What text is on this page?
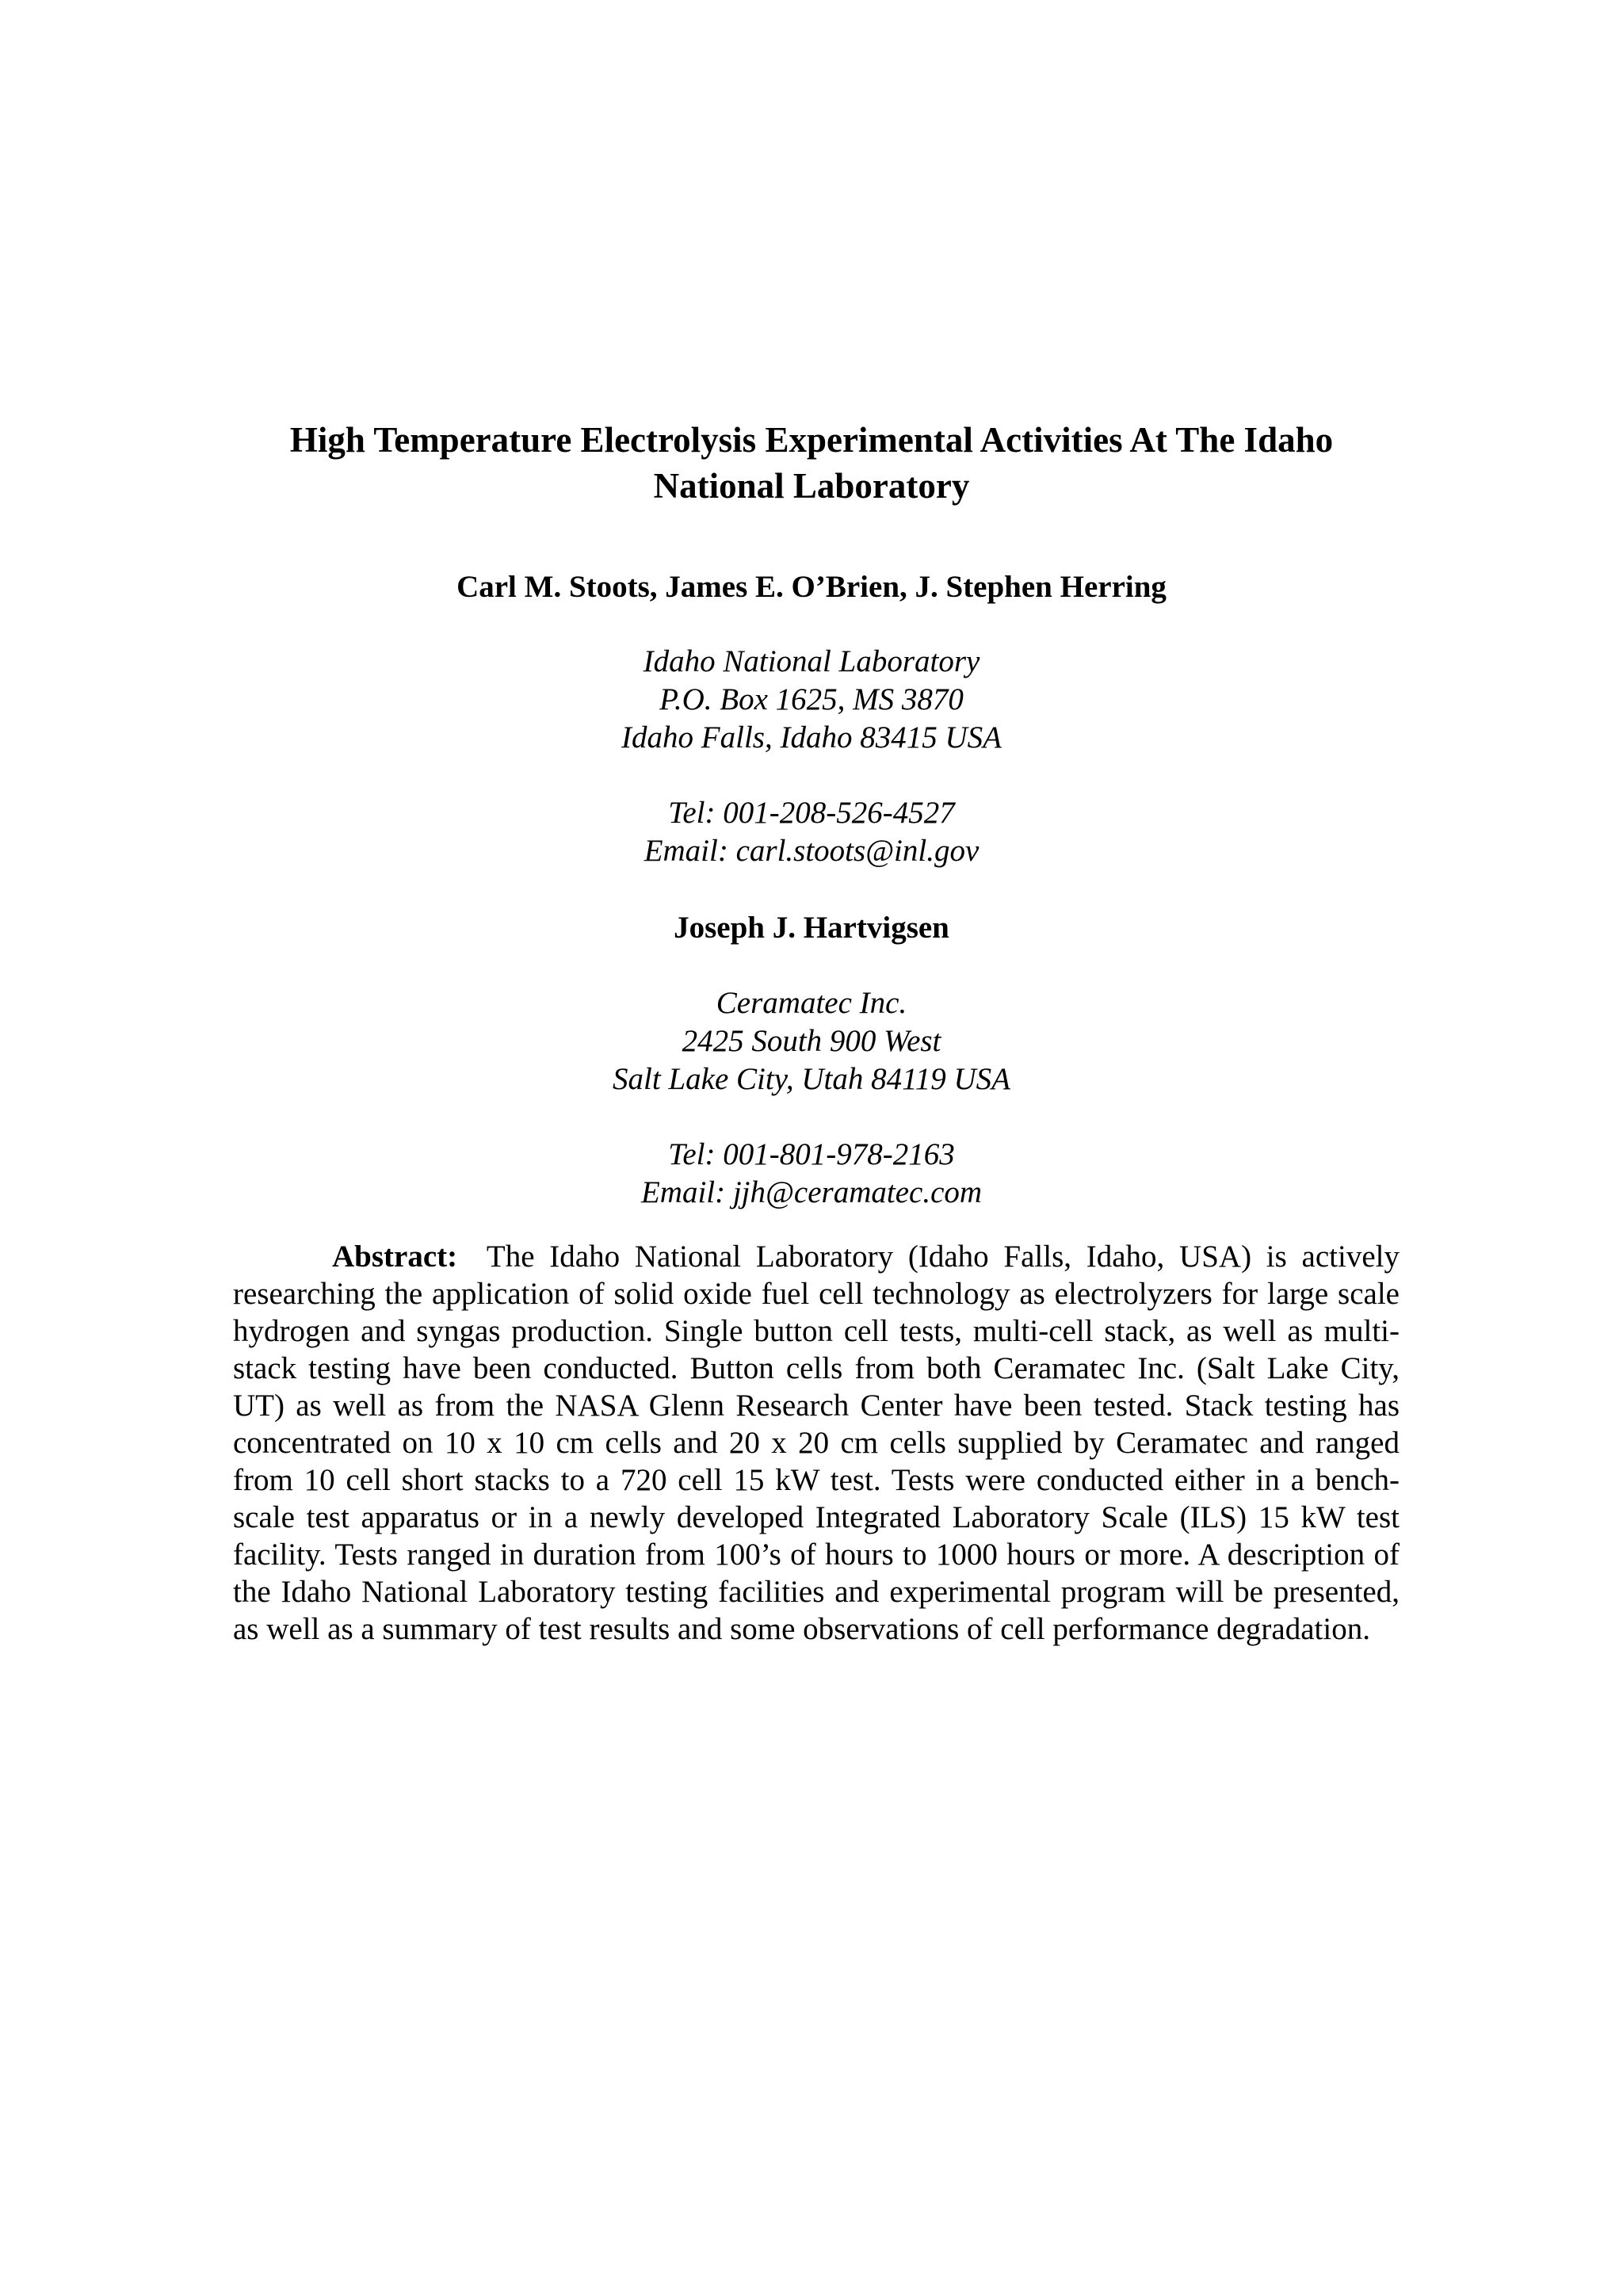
High Temperature Electrolysis Experimental Activities At The Idaho
National Laboratory

Carl M. Stoots, James E. O’Brien, J. Stephen Herring

Idaho National Laboratory
P.O. Box 1625, MS 3870
Idaho Falls, Idaho 83415 USA
Tel: 001-208-526-4527
Email: carl.stoots@inl.gov

Joseph J. Hartvigsen

Ceramatec Inc.
2425 South 900 West
Salt Lake City, Utah 84119 USA
Tel: 001-801-978-2163
Email: jjh@ceramatec.com

Abstract: The Idaho National Laboratory (Idaho Falls, Idaho, USA) is actively researching the application of solid oxide fuel cell technology as electrolyzers for large scale hydrogen and syngas production. Single button cell tests, multi-cell stack, as well as multi-stack testing have been conducted. Button cells from both Ceramatec Inc. (Salt Lake City, UT) as well as from the NASA Glenn Research Center have been tested. Stack testing has concentrated on 10 x 10 cm cells and 20 x 20 cm cells supplied by Ceramatec and ranged from 10 cell short stacks to a 720 cell 15 kW test. Tests were conducted either in a bench-scale test apparatus or in a newly developed Integrated Laboratory Scale (ILS) 15 kW test facility. Tests ranged in duration from 100’s of hours to 1000 hours or more. A description of the Idaho National Laboratory testing facilities and experimental program will be presented, as well as a summary of test results and some observations of cell performance degradation.
